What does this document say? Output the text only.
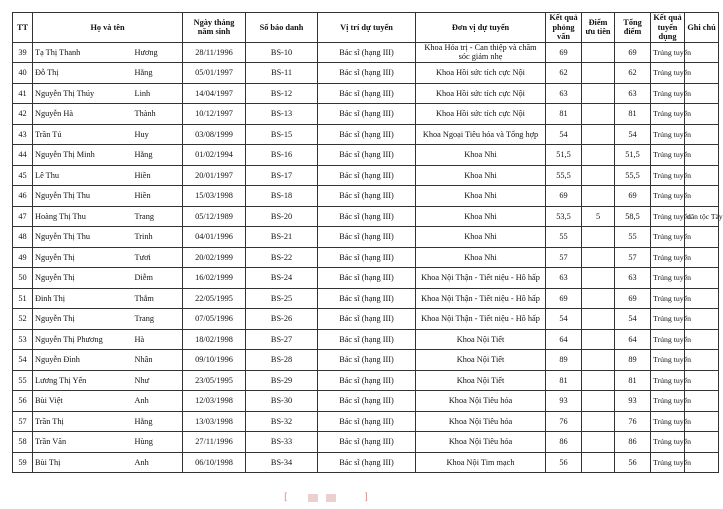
TT	Họ và tên		Ngày tháng năm sinh	Số báo danh	Vị trí dự tuyển	Đơn vị dự tuyển	Kết quả phỏng vấn	Điểm ưu tiên	Tổng điểm	Kết quả tuyển dụng	Ghi chú
39	Tạ Thị Thanh	Hương	28/11/1996	BS-10	Bác sĩ (hạng III)	Khoa Hóa trị - Can thiệp và chăm sóc giảm nhẹ	69		69	Trúng tuyển	
40	Đỗ Thị	Hằng	05/01/1997	BS-11	Bác sĩ (hạng III)	Khoa Hồi sức tích cực Nội	62		62	Trúng tuyển	
41	Nguyễn Thị Thúy	Linh	14/04/1997	BS-12	Bác sĩ (hạng III)	Khoa Hồi sức tích cực Nội	63		63	Trúng tuyển	
42	Nguyễn Hà	Thành	10/12/1997	BS-13	Bác sĩ (hạng III)	Khoa Hồi sức tích cực Nội	81		81	Trúng tuyển	
43	Trần Tú	Huy	03/08/1999	BS-15	Bác sĩ (hạng III)	Khoa Ngoại Tiêu hóa và Tổng hợp	54		54	Trúng tuyển	
44	Nguyễn Thị Minh	Hằng	01/02/1994	BS-16	Bác sĩ (hạng III)	Khoa Nhi	51,5		51,5	Trúng tuyển	
45	Lê Thu	Hiền	20/01/1997	BS-17	Bác sĩ (hạng III)	Khoa Nhi	55,5		55,5	Trúng tuyển	
46	Nguyễn Thị Thu	Hiền	15/03/1998	BS-18	Bác sĩ (hạng III)	Khoa Nhi	69		69	Trúng tuyển	
47	Hoàng Thị Thu	Trang	05/12/1989	BS-20	Bác sĩ (hạng III)	Khoa Nhi	53,5	5	58,5	Trúng tuyển	dân tộc Tày
48	Nguyễn Thị Thu	Trinh	04/01/1996	BS-21	Bác sĩ (hạng III)	Khoa Nhi	55		55	Trúng tuyển	
49	Nguyễn Thị	Tươi	20/02/1999	BS-22	Bác sĩ (hạng III)	Khoa Nhi	57		57	Trúng tuyển	
50	Nguyễn Thị	Diễm	16/02/1999	BS-24	Bác sĩ (hạng III)	Khoa Nội Thận - Tiết niệu - Hô hấp	63		63	Trúng tuyển	
51	Đinh Thị	Thắm	22/05/1995	BS-25	Bác sĩ (hạng III)	Khoa Nội Thận - Tiết niệu - Hô hấp	69		69	Trúng tuyển	
52	Nguyễn Thị	Trang	07/05/1996	BS-26	Bác sĩ (hạng III)	Khoa Nội Thận - Tiết niệu - Hô hấp	54		54	Trúng tuyển	
53	Nguyễn Thị Phương	Hà	18/02/1998	BS-27	Bác sĩ (hạng III)	Khoa Nội Tiết	64		64	Trúng tuyển	
54	Nguyễn Đình	Nhân	09/10/1996	BS-28	Bác sĩ (hạng III)	Khoa Nội Tiết	89		89	Trúng tuyển	
55	Lương Thị Yến	Như	23/05/1995	BS-29	Bác sĩ (hạng III)	Khoa Nội Tiết	81		81	Trúng tuyển	
56	Bùi Việt	Anh	12/03/1998	BS-30	Bác sĩ (hạng III)	Khoa Nội Tiêu hóa	93		93	Trúng tuyển	
57	Trần Thị	Hằng	13/03/1998	BS-32	Bác sĩ (hạng III)	Khoa Nội Tiêu hóa	76		76	Trúng tuyển	
58	Trần Văn	Hùng	27/11/1996	BS-33	Bác sĩ (hạng III)	Khoa Nội Tiêu hóa	86		86	Trúng tuyển	
59	Bùi Thị	Anh	06/10/1998	BS-34	Bác sĩ (hạng III)	Khoa Nội Tim mạch	56		56	Trúng tuyển	
[	]
